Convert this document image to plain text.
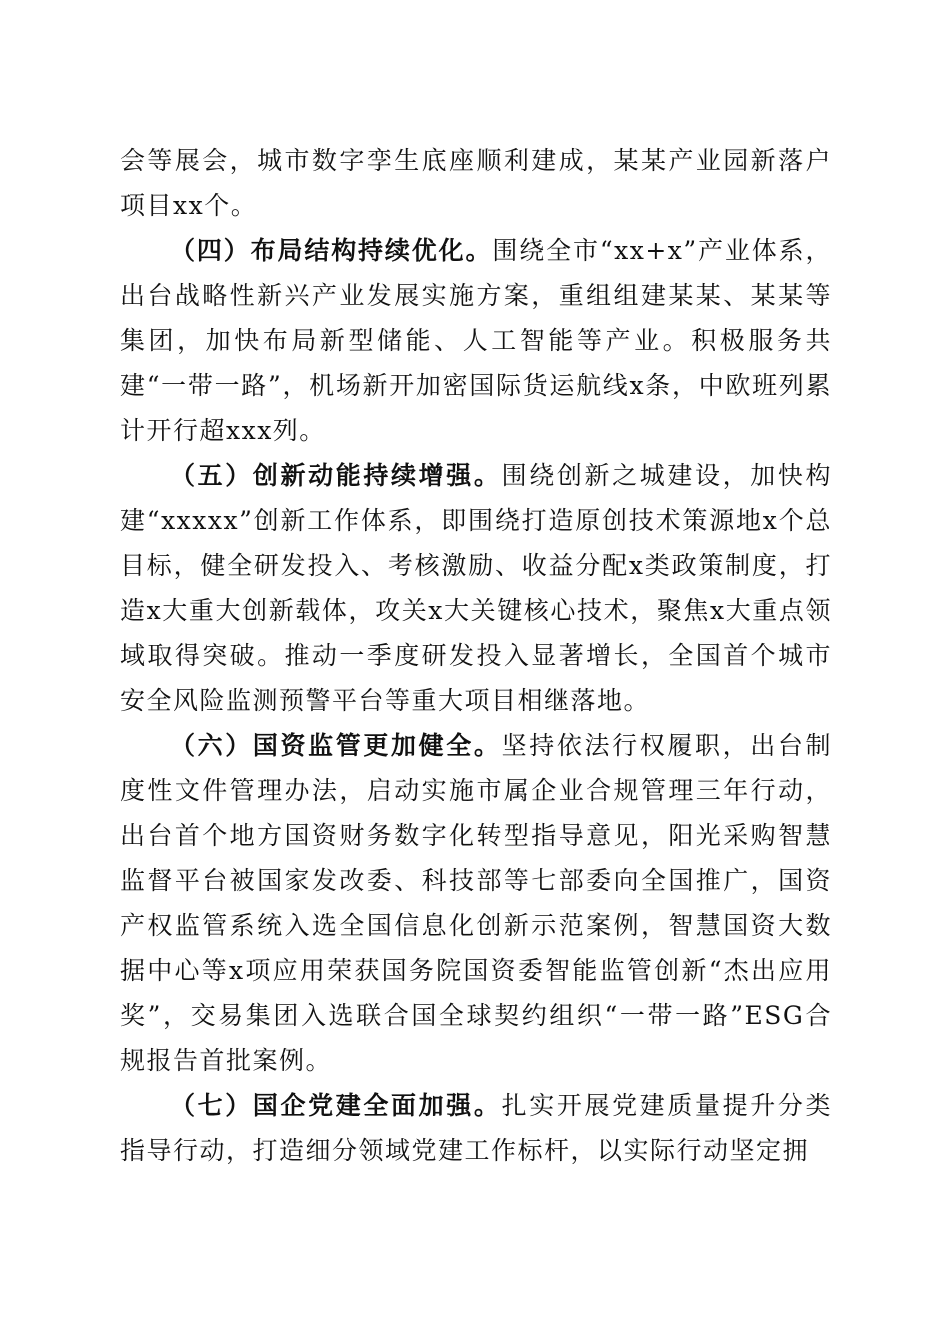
会等展会，城市数字孪生底座顺利建成，某某产业园新落户项目xx个。

（四）布局结构持续优化。围绕全市“xx+x”产业体系，出台战略性新兴产业发展实施方案，重组组建某某、某某等集团，加快布局新型储能、人工智能等产业。积极服务共建“一带一路”，机场新开加密国际货运航线x条，中欧班列累计开行超xxx列。

（五）创新动能持续增强。围绕创新之城建设，加快构建“xxxxx”创新工作体系，即围绕打造原创技术策源地x个总目标，健全研发投入、考核激励、收益分配x类政策制度，打造x大重大创新载体，攻关x大关键核心技术，聚焦x大重点领域取得突破。推动一季度研发投入显著增长，全国首个城市安全风险监测预警平台等重大项目相继落地。

（六）国资监管更加健全。坚持依法行权履职，出台制度性文件管理办法，启动实施市属企业合规管理三年行动，出台首个地方国资财务数字化转型指导意见，阳光采购智慧监督平台被国家发改委、科技部等七部委向全国推广，国资产权监管系统入选全国信息化创新示范案例，智慧国资大数据中心等x项应用荣获国务院国资委智能监管创新“杰出应用奖”，交易集团入选联合国全球契约组织“一带一路”ESG合规报告首批案例。

（七）国企党建全面加强。扎实开展党建质量提升分类指导行动，打造细分领域党建工作标杆，以实际行动坚定拥
